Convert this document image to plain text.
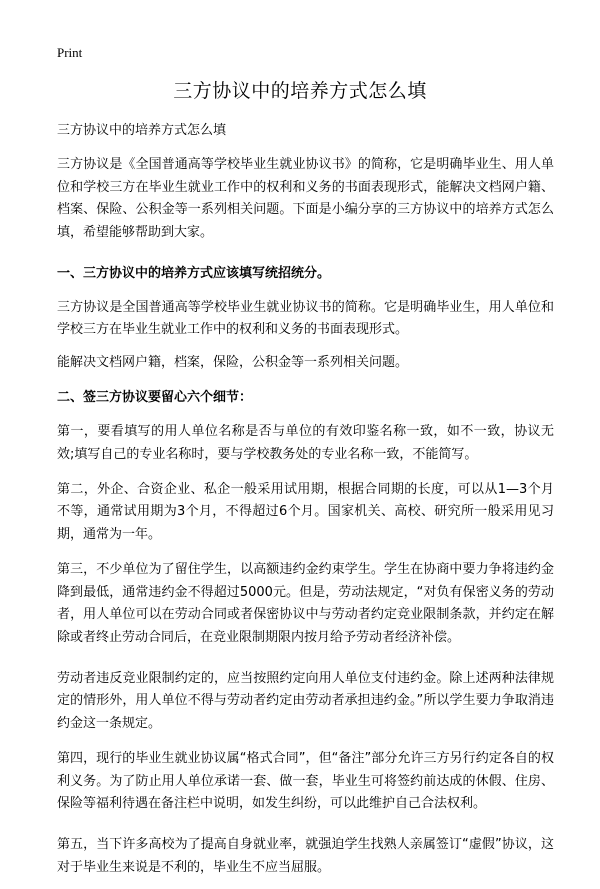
Print
三方协议中的培养方式怎么填

三方协议中的培养方式怎么填

三方协议是《全国普通高等学校毕业生就业协议书》的简称，它是明确毕业生、用人单位和学校三方在毕业生就业工作中的权利和义务的书面表现形式，能解决文档网户籍、档案、保险、公积金等一系列相关问题。下面是小编分享的三方协议中的培养方式怎么填，希望能够帮助到大家。

一、三方协议中的培养方式应该填写统招统分。

三方协议是全国普通高等学校毕业生就业协议书的简称。它是明确毕业生，用人单位和学校三方在毕业生就业工作中的权利和义务的书面表现形式。

能解决文档网户籍，档案，保险，公积金等一系列相关问题。

二、签三方协议要留心六个细节：

第一，要看填写的用人单位名称是否与单位的有效印鉴名称一致，如不一致，协议无效;填写自己的专业名称时，要与学校教务处的专业名称一致，不能简写。

第二，外企、合资企业、私企一般采用试用期，根据合同期的长度，可以从1—3个月不等，通常试用期为3个月，不得超过6个月。国家机关、高校、研究所一般采用见习期，通常为一年。

第三，不少单位为了留住学生，以高额违约金约束学生。学生在协商中要力争将违约金降到最低，通常违约金不得超过5000元。但是，劳动法规定，“对负有保密义务的劳动者，用人单位可以在劳动合同或者保密协议中与劳动者约定竞业限制条款，并约定在解除或者终止劳动合同后，在竞业限制期限内按月给予劳动者经济补偿。

劳动者违反竞业限制约定的，应当按照约定向用人单位支付违约金。除上述两种法律规定的情形外，用人单位不得与劳动者约定由劳动者承担违约金。”所以学生要力争取消违约金这一条规定。

第四，现行的毕业生就业协议属“格式合同”，但“备注”部分允许三方另行约定各自的权利义务。为了防止用人单位承诺一套、做一套，毕业生可将签约前达成的休假、住房、保险等福利待遇在备注栏中说明，如发生纠纷，可以此维护自己合法权利。

第五，当下许多高校为了提高自身就业率，就强迫学生找熟人亲属签订“虚假”协议，这对于毕业生来说是不利的，毕业生不应当屈服。
